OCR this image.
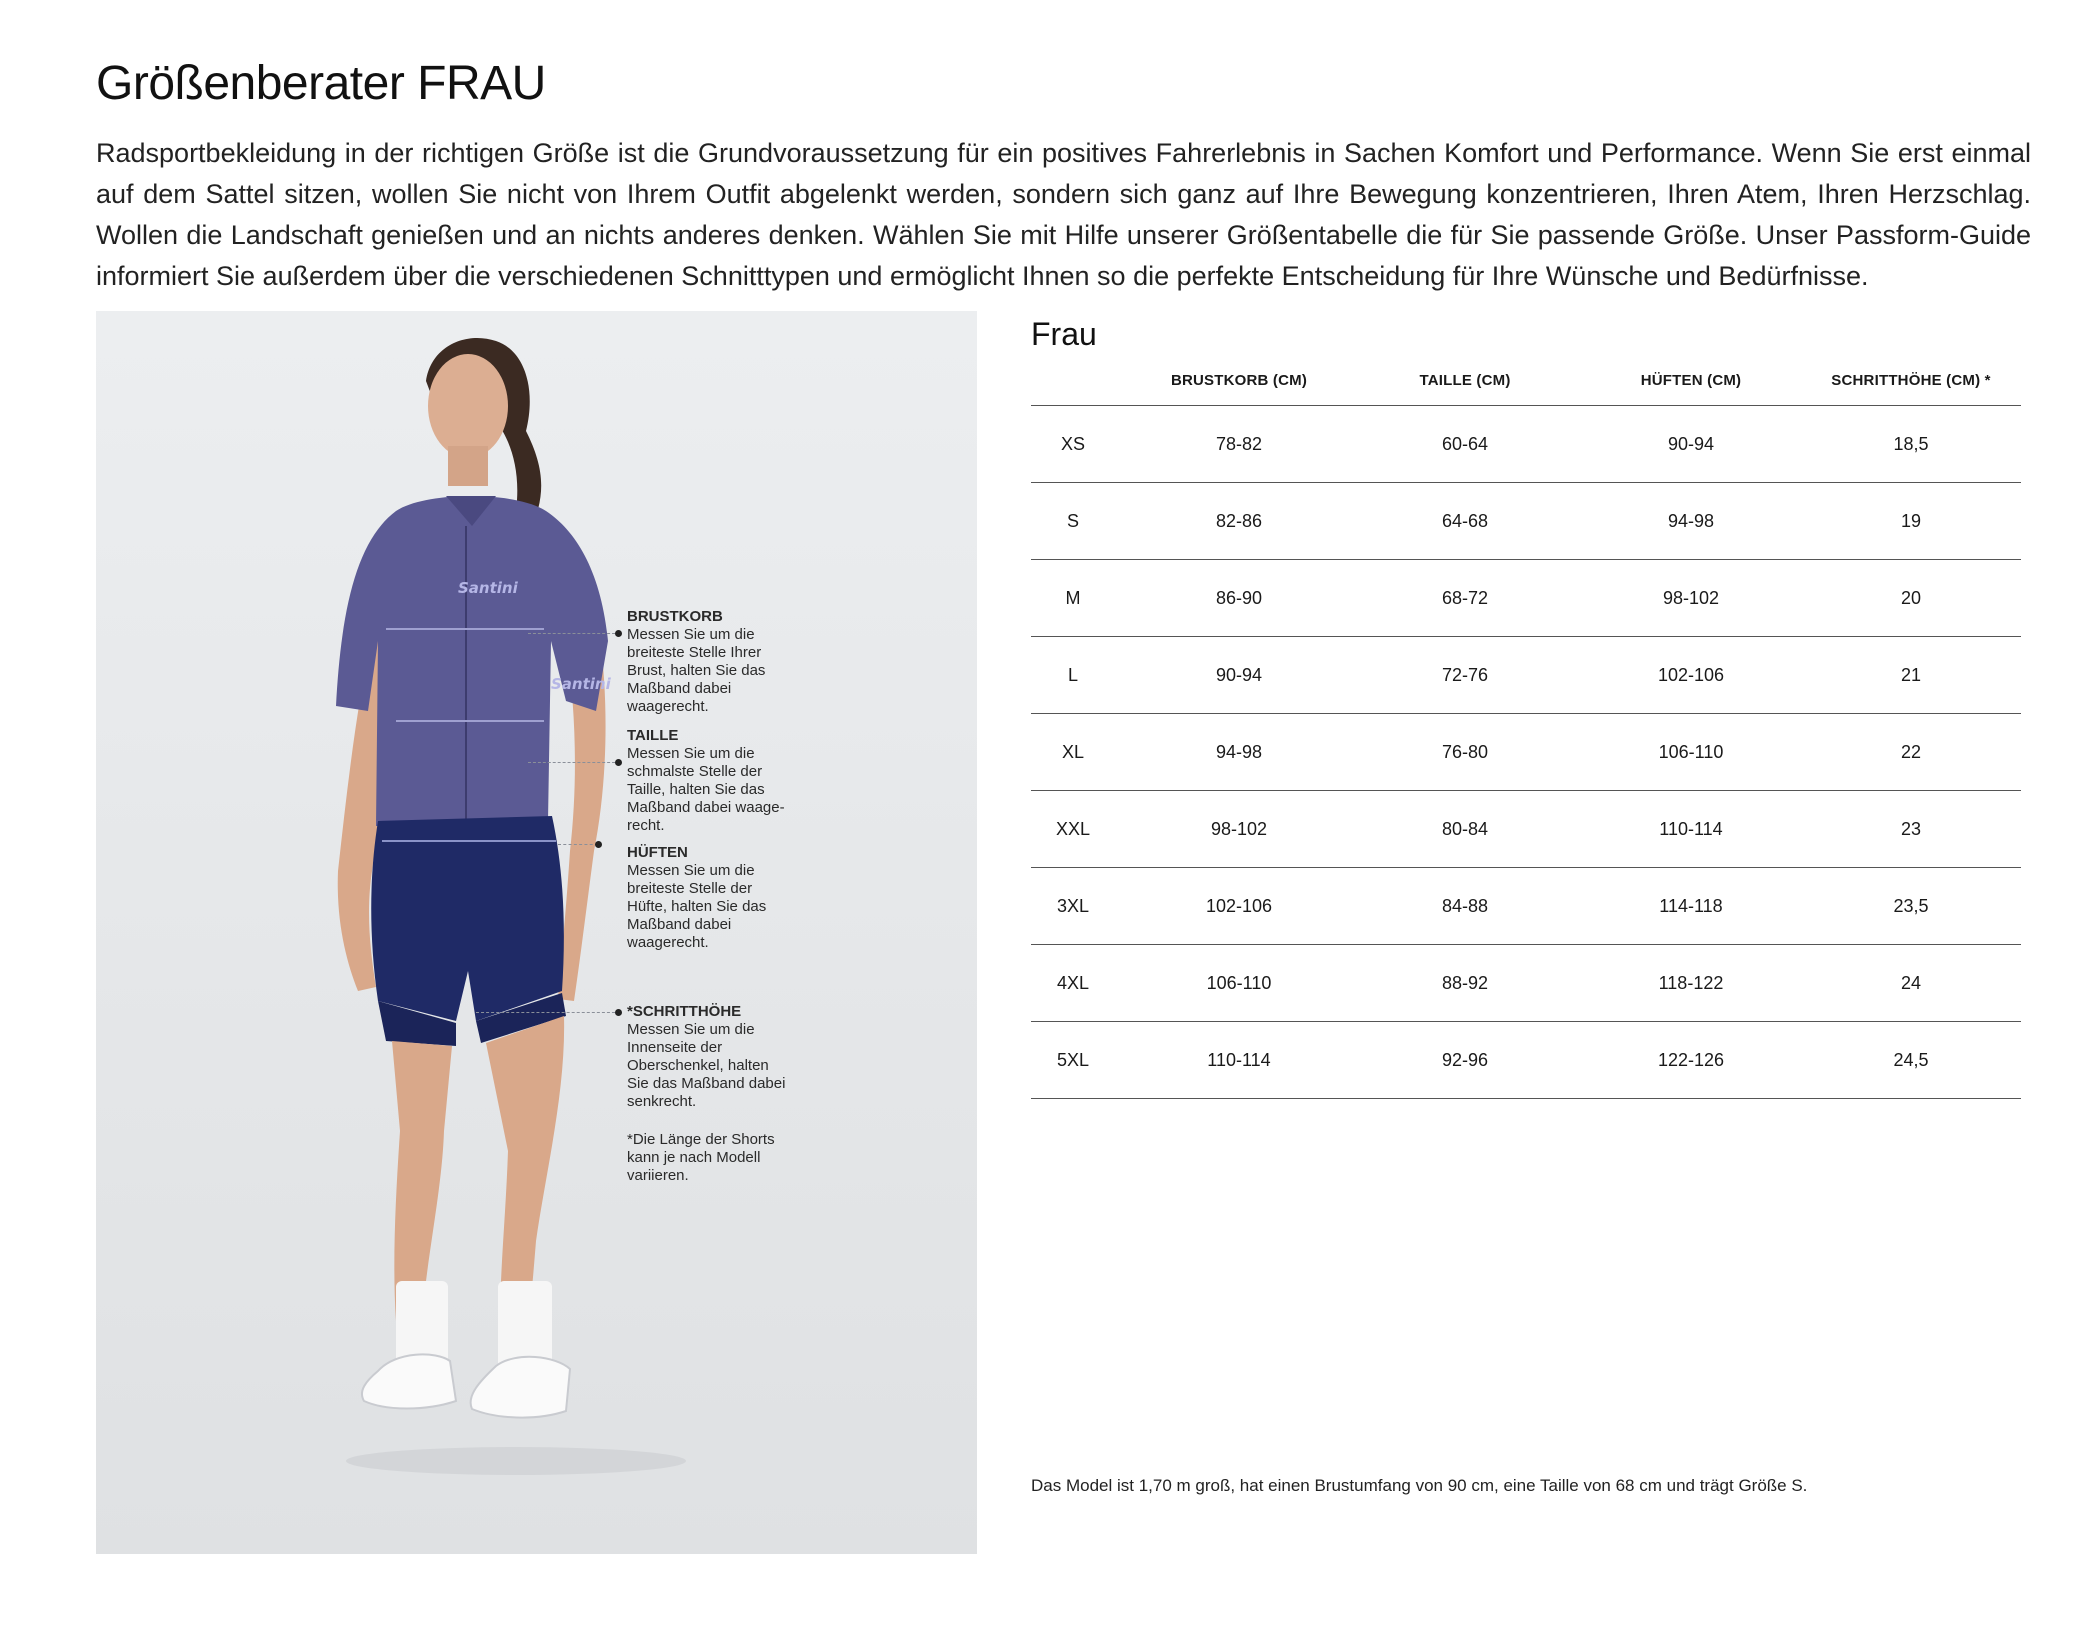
Größenberater FRAU
Radsportbekleidung in der richtigen Größe ist die Grundvoraussetzung für ein positives Fahrerlebnis in Sachen Komfort und Performance. Wenn Sie erst einmal auf dem Sattel sitzen, wollen Sie nicht von Ihrem Outfit abgelenkt werden, sondern sich ganz auf Ihre Bewegung konzentrieren, Ihren Atem, Ihren Herzschlag. Wollen die Landschaft genießen und an nichts anderes denken. Wählen Sie mit Hilfe unserer Größentabelle die für Sie passende Größe. Unser Passform-Guide informiert Sie außerdem über die verschiedenen Schnitttypen und ermöglicht Ihnen so die perfekte Entscheidung für Ihre Wünsche und Bedürfnisse.
Santini
Santini
BRUSTKORB
Messen Sie um die breiteste Stelle Ihrer Brust, halten Sie das Maßband dabei waagerecht.
TAILLE
Messen Sie um die schmalste Stelle der Taille, halten Sie das Maßband dabei waage-recht.
HÜFTEN
Messen Sie um die breiteste Stelle der Hüfte, halten Sie das Maßband dabei waagerecht.
*SCHRITTHÖHE
Messen Sie um die Innenseite der Oberschenkel, halten Sie das Maßband dabei senkrecht.
*Die Länge der Shorts kann je nach Modell variieren.
Frau
BRUSTKORB (CM)	TAILLE (CM)	HÜFTEN (CM)	SCHRITTHÖHE (CM) *
XS	78-82	60-64	90-94	18,5
S	82-86	64-68	94-98	19
M	86-90	68-72	98-102	20
L	90-94	72-76	102-106	21
XL	94-98	76-80	106-110	22
XXL	98-102	80-84	110-114	23
3XL	102-106	84-88	114-118	23,5
4XL	106-110	88-92	118-122	24
5XL	110-114	92-96	122-126	24,5
Das Model ist 1,70 m groß, hat einen Brustumfang von 90 cm, eine Taille von 68 cm und trägt Größe S.
